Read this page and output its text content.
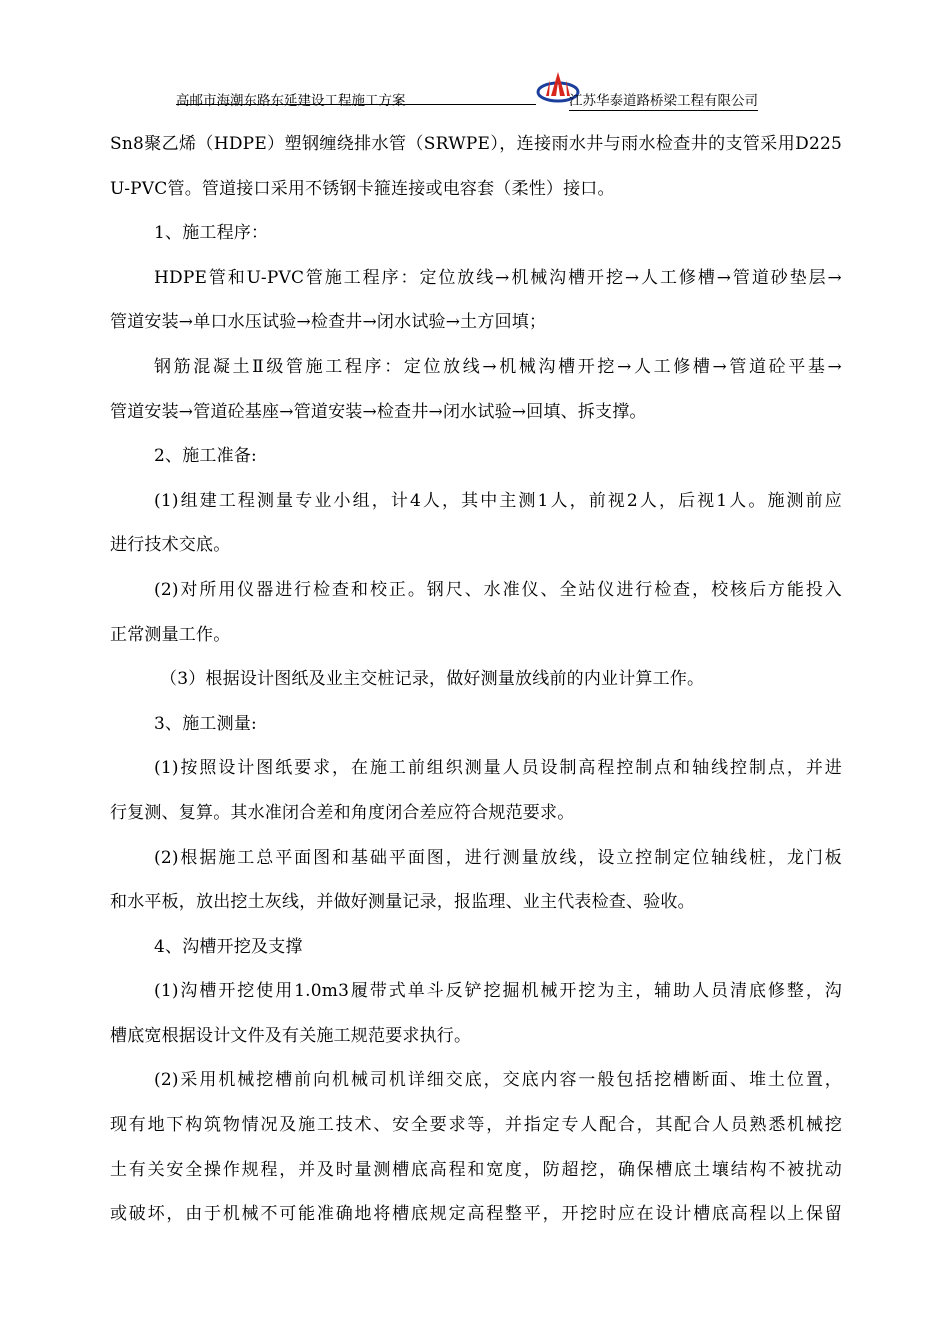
高邮市海潮东路东延建设工程施工方案	江苏华泰道路桥梁工程有限公司

Sn8聚乙烯（HDPE）塑钢缠绕排水管（SRWPE），连接雨水井与雨水检查井的支管采用D225

U-PVC管。管道接口采用不锈钢卡箍连接或电容套（柔性）接口。

1、施工程序：

HDPE管和U-PVC管施工程序：定位放线→机械沟槽开挖→人工修槽→管道砂垫层→

管道安装→单口水压试验→检查井→闭水试验→土方回填；

钢筋混凝土Ⅱ级管施工程序：定位放线→机械沟槽开挖→人工修槽→管道砼平基→

管道安装→管道砼基座→管道安装→检查井→闭水试验→回填、拆支撑。

2、施工准备:

(1)组建工程测量专业小组，计4人，其中主测1人，前视2人，后视1人。施测前应

进行技术交底。

(2)对所用仪器进行检查和校正。钢尺、水准仪、全站仪进行检查，校核后方能投入

正常测量工作。

（3）根据设计图纸及业主交桩记录，做好测量放线前的内业计算工作。

3、施工测量:

(1)按照设计图纸要求，在施工前组织测量人员设制高程控制点和轴线控制点，并进

行复测、复算。其水准闭合差和角度闭合差应符合规范要求。

(2)根据施工总平面图和基础平面图，进行测量放线，设立控制定位轴线桩，龙门板

和水平板，放出挖土灰线，并做好测量记录，报监理、业主代表检查、验收。

4、沟槽开挖及支撑

(1)沟槽开挖使用1.0m3履带式单斗反铲挖掘机械开挖为主，辅助人员清底修整，沟

槽底宽根据设计文件及有关施工规范要求执行。

(2)采用机械挖槽前向机械司机详细交底，交底内容一般包括挖槽断面、堆土位置，

现有地下构筑物情况及施工技术、安全要求等，并指定专人配合，其配合人员熟悉机械挖

土有关安全操作规程，并及时量测槽底高程和宽度，防超挖，确保槽底土壤结构不被扰动

或破坏，由于机械不可能准确地将槽底规定高程整平，开挖时应在设计槽底高程以上保留
